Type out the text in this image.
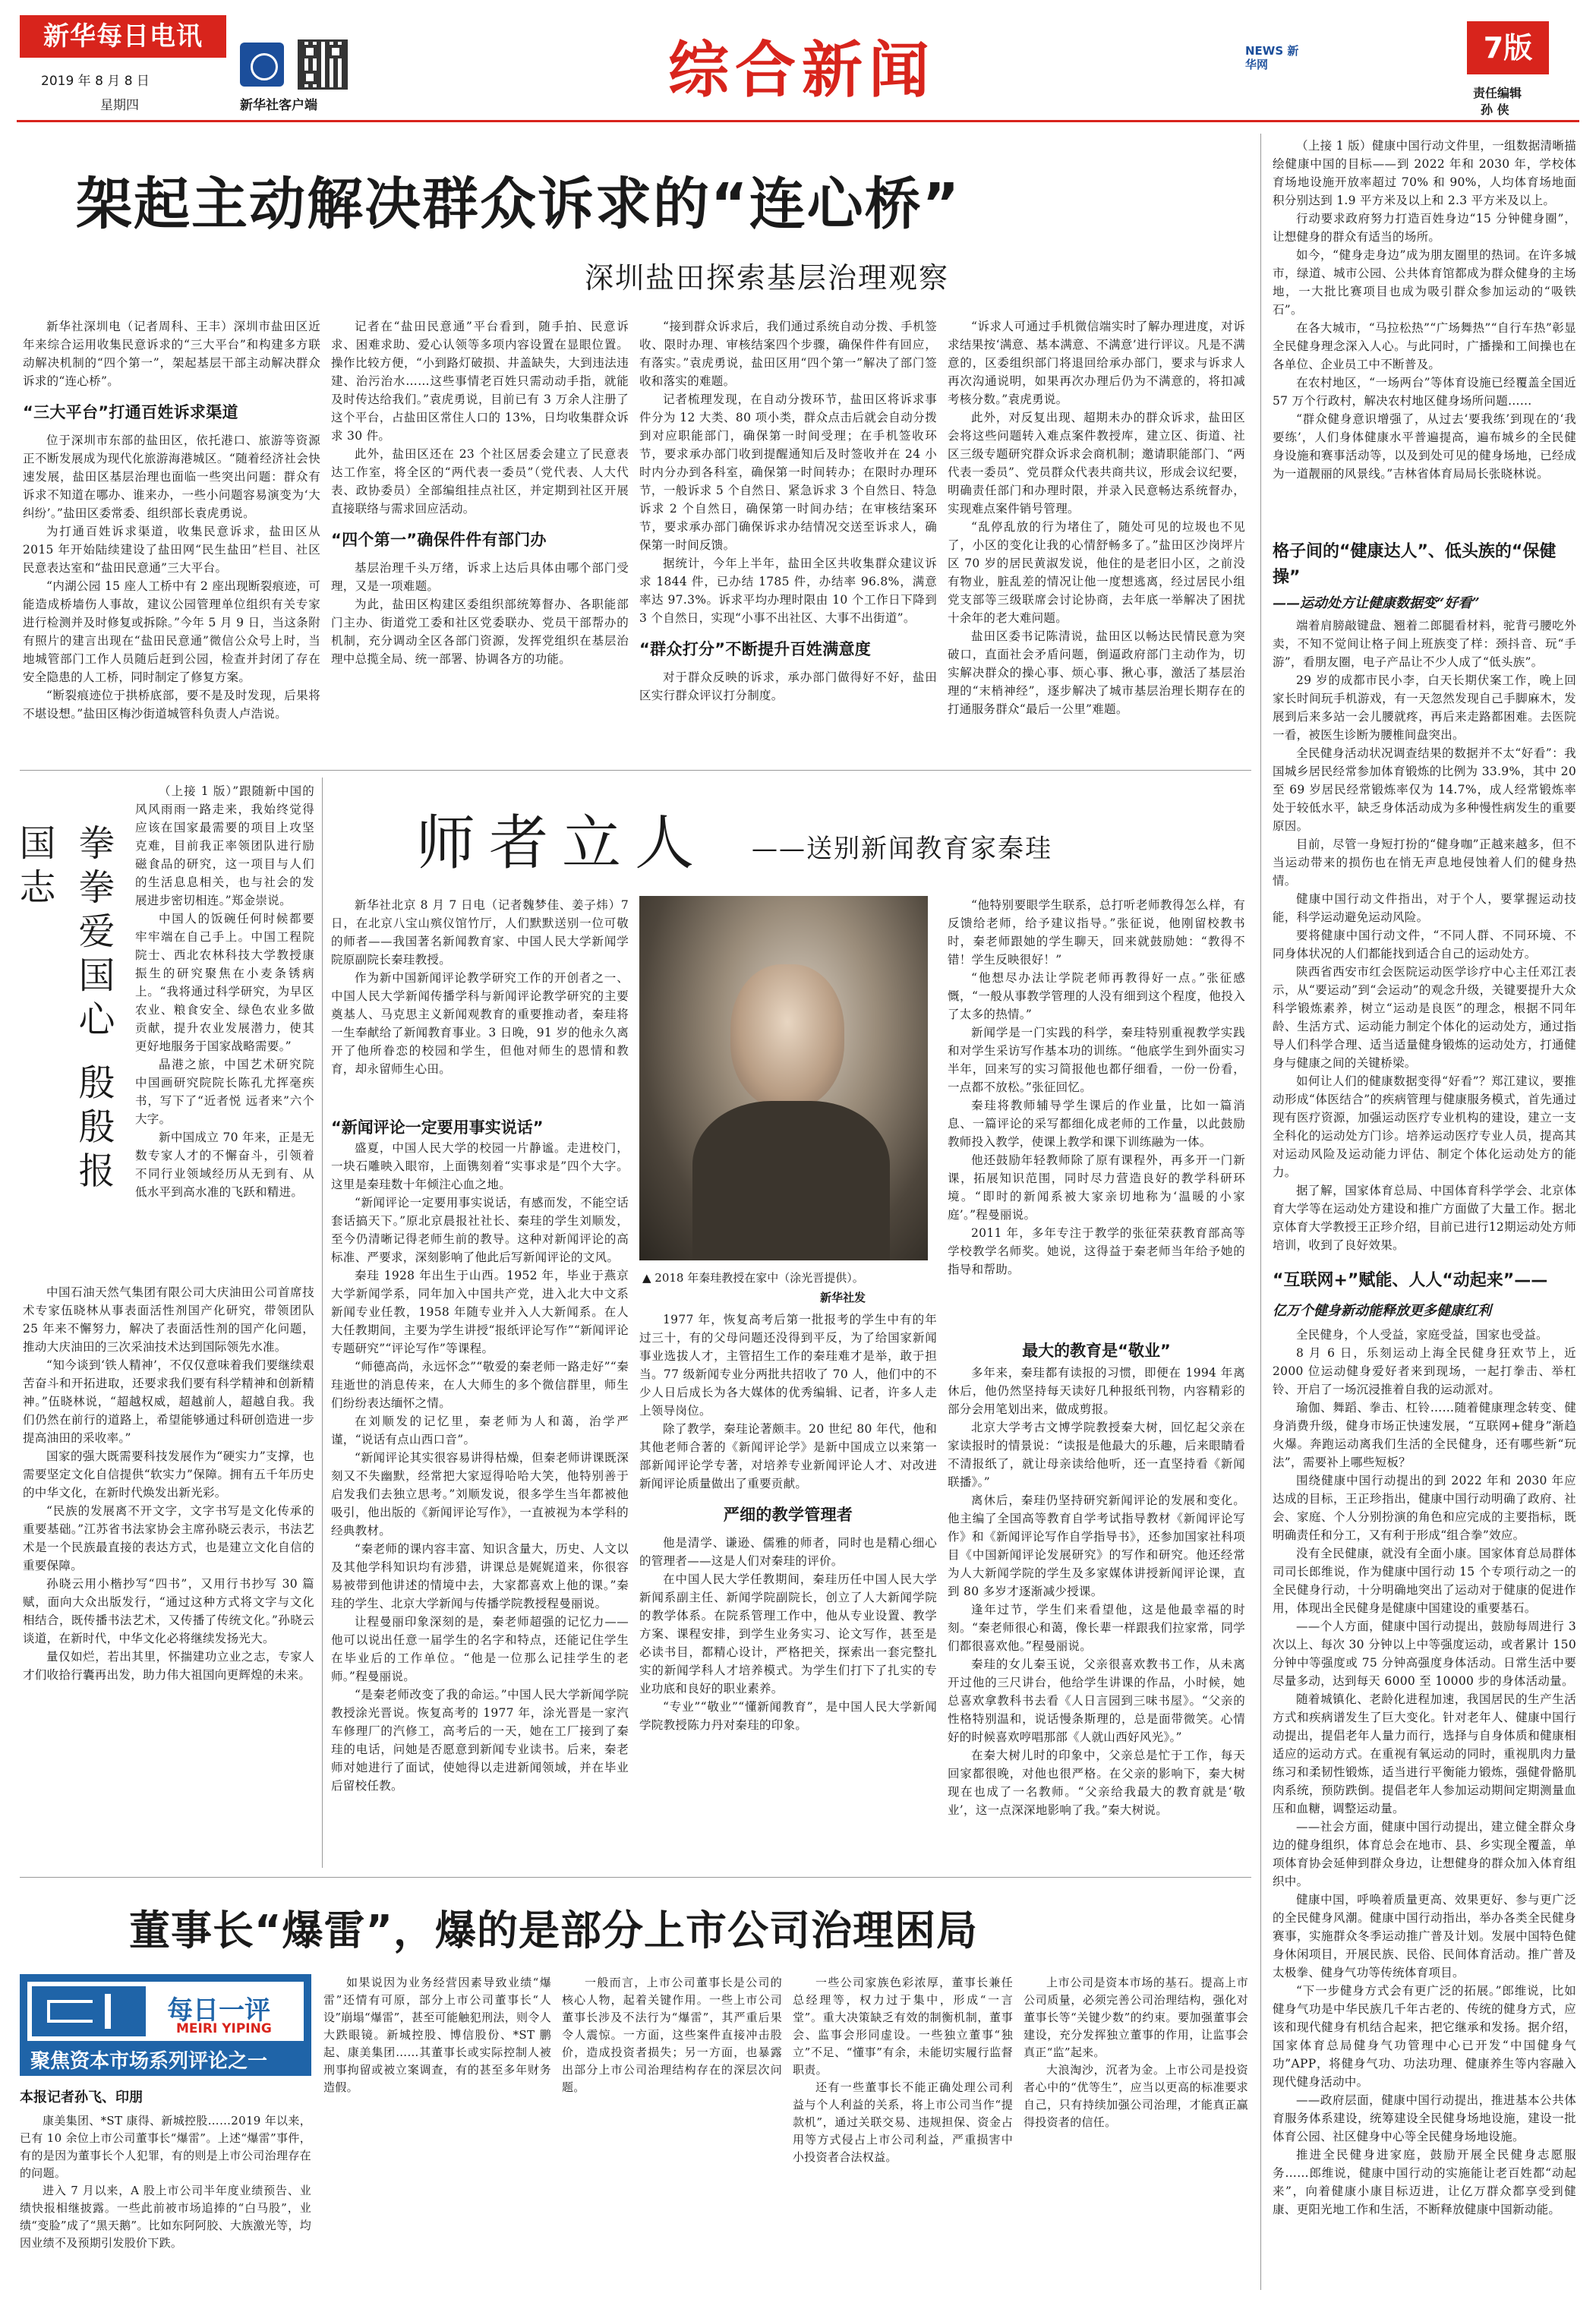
新华每日电讯
2019 年 8 月 8 日
星期四	新华社客户端	综合新闻	NEWS 新华网	7版
责任编辑
孙 侠
架起主动解决群众诉求的“连心桥”
深圳盐田探索基层治理观察

新华社深圳电（记者周科、王丰）深圳市盐田区近年来综合运用收集民意诉求的“三大平台”和构建多方联动解决机制的“四个第一”，架起基层干部主动解决群众诉求的“连心桥”。

“三大平台”打通百姓诉求渠道

位于深圳市东部的盐田区，依托港口、旅游等资源正不断发展成为现代化旅游海港城区。“随着经济社会快速发展，盐田区基层治理也面临一些突出问题：群众有诉求不知道在哪办、谁来办，一些小问题容易演变为‘大纠纷’。”盐田区委常委、组织部长袁虎勇说。

为打通百姓诉求渠道，收集民意诉求，盐田区从 2015 年开始陆续建设了盐田网“民生盐田”栏目、社区民意表达室和“盐田民意通”三大平台。

“内湖公园 15 座人工桥中有 2 座出现断裂痕迹，可能造成桥墙伤人事故，建议公园管理单位组织有关专家进行检测并及时修复或拆除。”今年 5 月 9 日，当这条附有照片的建言出现在“盐田民意通”微信公众号上时，当地城管部门工作人员随后赶到公园，检查并封闭了存在安全隐患的人工桥，同时制定了修复方案。

“断裂痕迹位于拱桥底部，要不是及时发现，后果将不堪设想。”盐田区梅沙街道城管科负责人卢浩说。

记者在“盐田民意通”平台看到，随手拍、民意诉求、困难求助、爱心认领等多项内容设置在显眼位置。操作比较方便，“小到路灯破损、井盖缺失，大到违法违建、治污治水……这些事情老百姓只需动动手指，就能及时传达给我们。”袁虎勇说，目前已有 3 万余人注册了这个平台，占盐田区常住人口的 13%，日均收集群众诉求 30 件。

此外，盐田区还在 23 个社区居委会建立了民意表达工作室，将全区的“两代表一委员”（党代表、人大代表、政协委员）全部编组挂点社区，并定期到社区开展直接联络与需求回应活动。

“四个第一”确保件件有部门办

基层治理千头万绪，诉求上达后具体由哪个部门受理，又是一项难题。

为此，盐田区构建区委组织部统筹督办、各职能部门主办、街道党工委和社区党委联办、党员干部帮办的机制，充分调动全区各部门资源，发挥党组织在基层治理中总揽全局、统一部署、协调各方的功能。

“接到群众诉求后，我们通过系统自动分拨、手机签收、限时办理、审核结案四个步骤，确保件件有回应，有落实。”袁虎勇说，盐田区用“四个第一”解决了部门签收和落实的难题。

记者梳理发现，在自动分拨环节，盐田区将诉求事件分为 12 大类、80 项小类，群众点击后就会自动分拨到对应职能部门，确保第一时间受理；在手机签收环节，要求承办部门收到提醒通知后及时签收并在 24 小时内分办到各科室，确保第一时间转办；在限时办理环节，一般诉求 5 个自然日、紧急诉求 3 个自然日、特急诉求 2 个自然日，确保第一时间办结；在审核结案环节，要求承办部门确保诉求办结情况交送至诉求人，确保第一时间反馈。

据统计，今年上半年，盐田全区共收集群众建议诉求 1844 件，已办结 1785 件，办结率 96.8%，满意率达 97.3%。诉求平均办理时限由 10 个工作日下降到 3 个自然日，实现“小事不出社区、大事不出街道”。

“群众打分”不断提升百姓满意度

对于群众反映的诉求，承办部门做得好不好，盐田区实行群众评议打分制度。

“诉求人可通过手机微信端实时了解办理进度，对诉求结果按‘满意、基本满意、不满意’进行评议。凡是不满意的，区委组织部门将退回给承办部门，要求与诉求人再次沟通说明，如果再次办理后仍为不满意的，将扣减考核分数。”袁虎勇说。

此外，对反复出现、超期未办的群众诉求，盐田区会将这些问题转入难点案件教授库，建立区、街道、社区三级专题研究群众诉求会商机制；邀请职能部门、“两代表一委员”、党员群众代表共商共议，形成会议纪要，明确责任部门和办理时限，并录入民意畅达系统督办，实现难点案件销号管理。

“乱停乱放的行为堵住了，随处可见的垃圾也不见了，小区的变化让我的心情舒畅多了。”盐田区沙岗坪片区 70 岁的居民黄淑发说，他住的是老旧小区，之前没有物业，脏乱差的情况让他一度想逃离，经过居民小组党支部等三级联席会讨论协商，去年底一举解决了困扰十余年的老大难问题。

盐田区委书记陈清说，盐田区以畅达民情民意为突破口，直面社会矛盾问题，倒逼政府部门主动作为，切实解决群众的操心事、烦心事、揪心事，激活了基层治理的“末梢神经”，逐步解决了城市基层治理长期存在的打通服务群众“最后一公里”难题。

（上接 1 版）健康中国行动文件里，一组数据清晰描绘健康中国的目标——到 2022 年和 2030 年，学校体育场地设施开放率超过 70% 和 90%，人均体育场地面积分别达到 1.9 平方米及以上和 2.3 平方米及以上。

行动要求政府努力打造百姓身边“15 分钟健身圈”，让想健身的群众有适当的场所。

如今，“健身走身边”成为朋友圈里的热词。在许多城市，绿道、城市公园、公共体育馆都成为群众健身的主场地，一大批比赛项目也成为吸引群众参加运动的“吸铁石”。

在各大城市，“马拉松热”“广场舞热”“自行车热”彰显全民健身理念深入人心。与此同时，广播操和工间操也在各单位、企业员工中不断普及。

在农村地区，“一场两台”等体育设施已经覆盖全国近 57 万个行政村，解决农村地区健身场所问题……

“群众健身意识增强了，从过去‘要我练’到现在的‘我要练’，人们身体健康水平普遍提高，遍布城乡的全民健身设施和赛事活动等，以及到处可见的健身场地，已经成为一道靓丽的风景线。”吉林省体育局局长张晓林说。

格子间的“健康达人”、低头族的“保健操”
——运动处方让健康数据变“好看”

端着肩膀敲键盘、翘着二郎腿看材料，驼背弓腰吃外卖，不知不觉间让格子间上班族变了样：颈抖音、玩“手游”，看朋友圈，电子产品让不少人成了“低头族”。

29 岁的成都市民小李，白天长期伏案工作，晚上回家长时间玩手机游戏，有一天忽然发现自己手脚麻木，发展到后来多站一会儿腰就疼，再后来走路都困难。去医院一看，被医生诊断为腰椎间盘突出。

全民健身活动状况调查结果的数据并不太“好看”：我国城乡居民经常参加体育锻炼的比例为 33.9%，其中 20 至 69 岁居民经常锻炼率仅为 14.7%，成人经常锻炼率处于较低水平，缺乏身体活动成为多种慢性病发生的重要原因。

目前，尽管一身短打扮的“健身咖”正越来越多，但不当运动带来的损伤也在悄无声息地侵蚀着人们的健身热情。

健康中国行动文件指出，对于个人，要掌握运动技能，科学运动避免运动风险。

要将健康中国行动文件，“不同人群、不同环境、不同身体状况的人们都能找到适合自己的运动处方。

陕西省西安市红会医院运动医学诊疗中心主任邓江表示，从“要运动”到“会运动”的观念升级，关键要提升大众科学锻炼素养，树立“运动是良医”的理念，根据不同年龄、生活方式、运动能力制定个体化的运动处方，通过指导人们科学合理、适当适量健身锻炼的运动处方，打通健身与健康之间的关键桥梁。

如何让人们的健康数据变得“好看”？郑江建议，要推动形成“体医结合”的疾病管理与健康服务模式，首先通过现有医疗资源，加强运动医疗专业机构的建设，建立一支全科化的运动处方门诊。培养运动医疗专业人员，提高其对运动风险及运动能力评估、制定个体化运动处方的能力。

据了解，国家体育总局、中国体育科学学会、北京体育大学等在运动处方建设和推广方面做了大量工作。据北京体育大学教授王正珍介绍，目前已进行12期运动处方师培训，收到了良好效果。

“互联网+”赋能、人人“动起来”——
亿万个健身新动能释放更多健康红利

全民健身，个人受益，家庭受益，国家也受益。

8 月 6 日，乐刻运动上海全民健身狂欢节上，近 2000 位运动健身爱好者来到现场，一起打拳击、举杠铃、开启了一场沉浸推着自我的运动派对。

瑜伽、舞蹈、拳击、杠铃……随着健康理念转变、健身消费升级，健身市场正快速发展，“互联网+健身”渐趋火爆。奔跑运动离我们生活的全民健身，还有哪些新“玩法”，需要补上哪些短板？

围绕健康中国行动提出的到 2022 年和 2030 年应达成的目标，王正珍指出，健康中国行动明确了政府、社会、家庭、个人分别扮演的角色和应完成的主要指标，既明确责任和分工，又有利于形成“组合拳”效应。

没有全民健康，就没有全面小康。国家体育总局群体司司长郎维说，作为健康中国行动 15 个专项行动之一的全民健身行动，十分明确地突出了运动对于健康的促进作用，体现出全民健身是健康中国建设的重要基石。

——个人方面，健康中国行动提出，鼓励每周进行 3 次以上、每次 30 分钟以上中等强度运动，或者累计 150 分钟中等强度或 75 分钟高强度身体活动。日常生活中要尽量多动，达到每天 6000 至 10000 步的身体活动量。

随着城镇化、老龄化进程加速，我国居民的生产生活方式和疾病谱发生了巨大变化。针对老年人、健康中国行动提出，提倡老年人量力而行，选择与自身体质和健康相适应的运动方式。在重视有氧运动的同时，重视肌肉力量练习和柔韧性锻炼，适当进行平衡能力锻炼，强健骨骼肌肉系统，预防跌倒。提倡老年人参加运动期间定期测量血压和血糖，调整运动量。

——社会方面，健康中国行动提出，建立健全群众身边的健身组织，体育总会在地市、县、乡实现全覆盖，单项体育协会延伸到群众身边，让想健身的群众加入体育组织中。

健康中国，呼唤着质量更高、效果更好、参与更广泛的全民健身风潮。健康中国行动指出，举办各类全民健身赛事，实施群众冬季运动推广普及计划。发展中国特色健身休闲项目，开展民族、民俗、民间体育活动。推广普及太极拳、健身气功等传统体育项目。

“下一步健身方式会有更广泛的拓展。”郎维说，比如健身气功是中华民族几千年古老的、传统的健身方式，应该和现代健身有机结合起来，把它继承和发扬。据介绍，国家体育总局健身气功管理中心已开发“中国健身气功”APP，将健身气功、功法功理、健康养生等内容融入现代健身活动中。

——政府层面，健康中国行动提出，推进基本公共体育服务体系建设，统筹建设全民健身场地设施，建设一批体育公园、社区健身中心等全民健身场地设施。

推进全民健身进家庭，鼓励开展全民健身志愿服务……郎维说，健康中国行动的实施能让老百姓都“动起来”，向着健康小康目标迈进，让亿万群众都享受到健康、更阳光地工作和生活，不断释放健康中国新动能。

拳拳爱国心 殷殷报国志

（上接 1 版）”跟随新中国的风风雨雨一路走来，我始终觉得应该在国家最需要的项目上攻坚克难，目前我正率领团队进行励磁食品的研究，这一项目与人们的生活息息相关，也与社会的发展进步密切相连。”郑金崇说。

中国人的饭碗任何时候都要牢牢端在自己手上。中国工程院院士、西北农林科技大学教授康振生的研究聚焦在小麦条锈病上。“我将通过科学研究，为早区农业、粮食安全、绿色农业多做贡献，提升农业发展潜力，使其更好地服务于国家战略需要。”

晶港之旅，中国艺术研究院中国画研究院院长陈孔尤挥毫疾书，写下了“近者悦 远者来”六个大字。

新中国成立 70 年来，正是无数专家人才的不懈奋斗，引领着不同行业领域经历从无到有、从低水平到高水准的飞跃和精进。

中国石油天然气集团有限公司大庆油田公司首席技术专家伍晓林从事表面活性剂国产化研究，带领团队 25 年来不懈努力，解决了表面活性剂的国产化问题，推动大庆油田的三次采油技术达到国际领先水准。

“知今谈到‘铁人精神’，不仅仅意味着我们要继续艰苦奋斗和开拓进取，还要求我们要有科学精神和创新精神。”伍晓林说，“超越权威，超越前人，超越自我。我们仍然在前行的道路上，希望能够通过科研创造进一步提高油田的采收率。”

国家的强大既需要科技发展作为“硬实力”支撑，也需要坚定文化自信提供“软实力”保障。拥有五千年历史的中华文化，在新时代焕发出新光彩。

“民族的发展离不开文字，文字书写是文化传承的重要基础。”江苏省书法家协会主席孙晓云表示，书法艺术是一个民族最直接的表达方式，也是建立文化自信的重要保障。

孙晓云用小楷抄写“四书”，又用行书抄写 30 篇赋，面向大众出版发行，“通过这种方式将文字与文化相结合，既传播书法艺术，又传播了传统文化。”孙晓云谈道，在新时代，中华文化必将继续发扬光大。

量仅如烂，若出其里，怀揣建功立业之志，专家人才们收拾行囊再出发，助力伟大祖国向更辉煌的未来。

师者立人 ——送别新闻教育家秦珪

新华社北京 8 月 7 日电（记者魏梦佳、姜子炜）7 日，在北京八宝山殡仪馆竹厅，人们默默送别一位可敬的师者——我国著名新闻教育家、中国人民大学新闻学院原副院长秦珪教授。

作为新中国新闻评论教学研究工作的开创者之一、中国人民大学新闻传播学科与新闻评论教学研究的主要奠基人、马克思主义新闻观教育的重要推动者，秦珪将一生奉献给了新闻教育事业。3 日晚，91 岁的他永久离开了他所眷恋的校园和学生，但他对师生的恩情和教育，却永留师生心田。

“新闻评论一定要用事实说话”

盛夏，中国人民大学的校园一片静谧。走进校门，一块石雕映入眼帘，上面镌刻着“实事求是”四个大字。这里是秦珪数十年倾注心血之地。

“新闻评论一定要用事实说话，有感而发，不能空话套话搞天下。”原北京晨报社社长、秦珪的学生刘顺发，至今仍清晰记得老师生前的教导。这种对新闻评论的高标准、严要求，深刻影响了他此后写新闻评论的文风。

秦珪 1928 年出生于山西。1952 年，毕业于燕京大学新闻学系，同年加入中国共产党，进入北大中文系新闻专业任教，1958 年随专业并入人大新闻系。在人大任教期间，主要为学生讲授“报纸评论写作”“新闻评论专题研究”“评论写作”等课程。

“师德高尚，永远怀念”“敬爱的秦老师一路走好”“秦珪逝世的消息传来，在人大师生的多个微信群里，师生们纷纷表达缅怀之情。

在刘顺发的记忆里，秦老师为人和蔼，治学严谨，“说话有点山西口音”。

“新闻评论其实很容易讲得枯燥，但秦老师讲课既深刻又不失幽默，经常把大家逗得哈哈大笑，他特别善于启发我们去独立思考。”刘顺发说，很多学生当年都被他吸引，他出版的《新闻评论写作》，一直被视为本学科的经典教材。

“秦老师的课内容丰富、知识含量大，历史、人文以及其他学科知识均有涉猎，讲课总是娓娓道来，你很容易被带到他讲述的情境中去，大家都喜欢上他的课。”秦珪的学生、北京大学新闻与传播学院教授程曼丽说。

让程曼丽印象深刻的是，秦老师超强的记忆力——他可以说出任意一届学生的名字和特点，还能记住学生在毕业后的工作单位。“他是一位那么记挂学生的老师。”程曼丽说。

“是秦老师改变了我的命运。”中国人民大学新闻学院教授涂光晋说。恢复高考的 1977 年，涂光晋是一家汽车修理厂的汽修工，高考后的一天，她在工厂接到了秦珪的电话，问她是否愿意到新闻专业读书。后来，秦老师对她进行了面试，使她得以走进新闻领域，并在毕业后留校任教。

▲ 2018 年秦珪教授在家中（涂光晋提供）。
新华社发

1977 年，恢复高考后第一批报考的学生中有的年过三十，有的父母问题还没得到平反，为了给国家新闻事业选拔人才，主管招生工作的秦珪难才是举，敢于担当。77 级新闻专业分两批共招收了 70 人，他们中的不少人日后成长为各大媒体的优秀编辑、记者，许多人走上领导岗位。

除了教学，秦珪论著颇丰。20 世纪 80 年代，他和其他老师合著的《新闻评论学》是新中国成立以来第一部新闻评论学专著，对培养专业新闻评论人才、对改进新闻评论质量做出了重要贡献。

严细的教学管理者

他是清学、谦逊、儒雅的师者，同时也是精心细心的管理者——这是人们对秦珪的评价。

在中国人民大学任教期间，秦珪历任中国人民大学新闻系副主任、新闻学院副院长，创立了人大新闻学院的教学体系。在院系管理工作中，他从专业设置、教学方案、课程安排，到学生业务实习、论文写作，甚至是必读书目，都精心设计，严格把关，探索出一套完整扎实的新闻学科人才培养模式。为学生们打下了扎实的专业功底和良好的职业素养。

“专业”“敬业”“懂新闻教育”，是中国人民大学新闻学院教授陈力丹对秦珪的印象。

“他特别要眼学生联系，总打听老师教得怎么样，有反馈给老师，给予建议指导。”张征说，他刚留校教书时，秦老师跟她的学生聊天，回来就鼓励她：“教得不错！学生反映很好！”

“他想尽办法让学院老师再教得好一点。”张征感慨，“一般从事教学管理的人没有细到这个程度，他投入了太多的热情。”

新闻学是一门实践的科学，秦珪特别重视教学实践和对学生采访写作基本功的训练。“他底学生到外面实习半年，回来写的实习简报他也都仔细看，一份一份看，一点都不放松。”张征回忆。

秦珪将教师辅导学生课后的作业量，比如一篇消息、一篇评论的采写都细化成老师的工作量，以此鼓励教师投入教学，使课上教学和课下训练融为一体。

他还鼓励年轻教师除了原有课程外，再多开一门新课，拓展知识范围，同时尽力营造良好的教学科研环境。“即时的新闻系被大家亲切地称为‘温暖的小家庭’。”程曼丽说。

2011 年，多年专注于教学的张征荣获教育部高等学校教学名师奖。她说，这得益于秦老师当年给予她的指导和帮助。

最大的教育是“敬业”

多年来，秦珪都有读报的习惯，即便在 1994 年离休后，他仍然坚持每天读好几种报纸刊物，内容精彩的部分会用笔划出来，做成剪报。

北京大学考古文博学院教授秦大树，回忆起父亲在家读报时的情景说：“读报是他最大的乐趣，后来眼睛看不清报纸了，就让母亲读给他听，还一直坚持看《新闻联播》。”

离休后，秦珪仍坚持研究新闻评论的发展和变化。他主编了全国高等教育自学考试指导教材《新闻评论写作》和《新闻评论写作自学指导书》，还参加国家社科项目《中国新闻评论发展研究》的写作和研究。他还经常为人大新闻学院的学生及多家媒体讲授新闻评论课，直到 80 多岁才逐渐减少授课。

逢年过节，学生们来看望他，这是他最幸福的时刻。“秦老师很心和蔼，像长辈一样跟我们拉家常，同学们都很喜欢他。”程曼丽说。

秦珪的女儿秦玉说，父亲很喜欢教书工作，从未离开过他的三尺讲台，他给学生讲课的作品，小时候，她总喜欢拿教科书去看《人日言园到三味书屋》。“父亲的性格特别温和，说话慢条斯理的，总是面带微笑。心情好的时候喜欢哼唱那部《人就山西好风光》。”

在秦大树儿时的印象中，父亲总是忙于工作，每天回家都很晚，对他也很严格。在父亲的影响下，秦大树现在也成了一名教师。“父亲给我最大的教育就是‘敬业’，这一点深深地影响了我。”秦大树说。

董事长“爆雷”，爆的是部分上市公司治理困局
每日一评
MEIRI YIPING
聚焦资本市场系列评论之一
本报记者孙飞、印朋

康美集团、*ST 康得、新城控股……2019 年以来，已有 10 余位上市公司董事长“爆雷”。上述“爆雷”事件，有的是因为董事长个人犯罪，有的则是上市公司治理存在的问题。

进入 7 月以来，A 股上市公司半年度业绩预告、业绩快报相继披露。一些此前被市场追捧的“白马股”，业绩“变脸”成了“黑天鹅”。比如东阿阿胶、大族激光等，均因业绩不及预期引发股价下跌。

如果说因为业务经营因素导致业绩“爆雷”还情有可原，部分上市公司董事长“人设”崩塌“爆雷”，甚至可能触犯刑法，则令人大跌眼镜。新城控股、博信股份、*ST 鹏起、康美集团……其董事长或实际控制人被刑事拘留或被立案调查，有的甚至多年财务造假。

一般而言，上市公司董事长是公司的核心人物，起着关键作用。一些上市公司董事长涉及不法行为“爆雷”，其严重后果令人震惊。一方面，这些案件直接冲击股价，造成投资者损失；另一方面，也暴露出部分上市公司治理结构存在的深层次问题。

一些公司家族色彩浓厚，董事长兼任总经理等，权力过于集中，形成“一言堂”。重大决策缺乏有效的制衡机制，董事会、监事会形同虚设。一些独立董事“独立”不足、“懂事”有余，未能切实履行监督职责。

还有一些董事长不能正确处理公司利益与个人利益的关系，将上市公司当作“提款机”，通过关联交易、违规担保、资金占用等方式侵占上市公司利益，严重损害中小投资者合法权益。

上市公司是资本市场的基石。提高上市公司质量，必须完善公司治理结构，强化对董事长等“关键少数”的约束。要加强董事会建设，充分发挥独立董事的作用，让监事会真正“监”起来。

大浪淘沙，沉者为金。上市公司是投资者心中的“优等生”，应当以更高的标准要求自己，只有持续加强公司治理，才能真正赢得投资者的信任。
